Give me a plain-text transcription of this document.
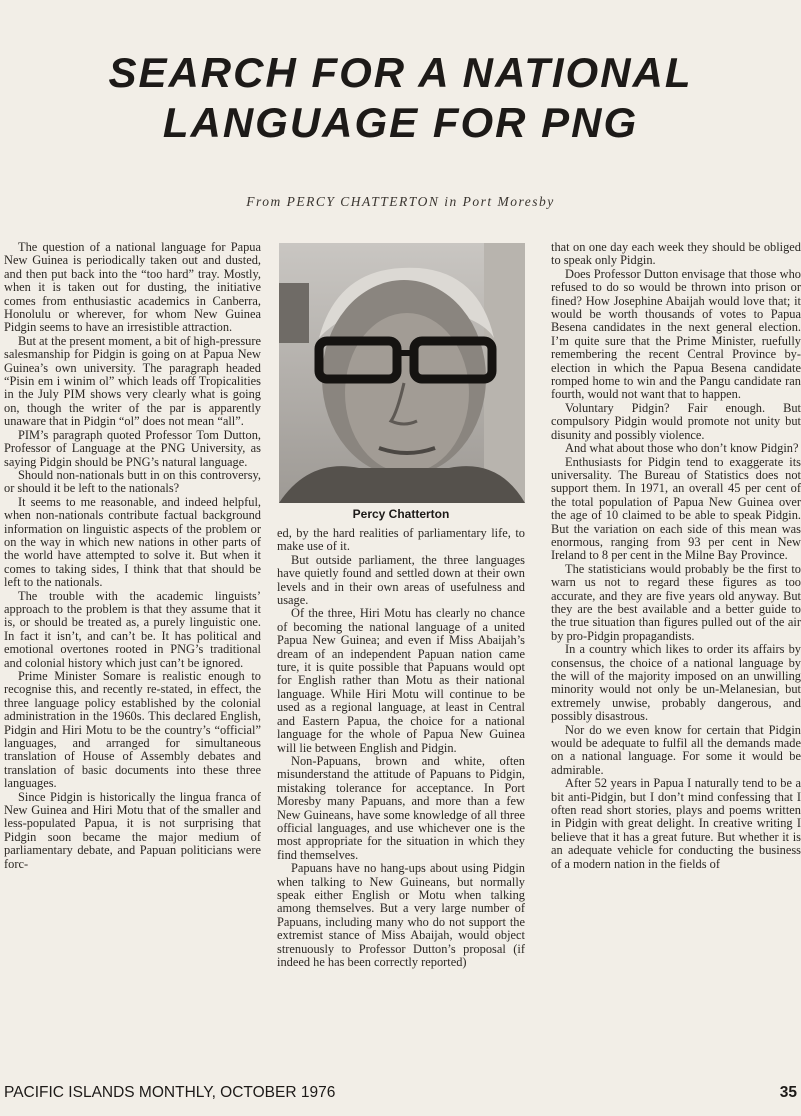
SEARCH FOR A NATIONAL
LANGUAGE FOR PNG
From PERCY CHATTERTON in Port Moresby

The question of a national language for Papua New Guinea is periodically taken out and dusted, and then put back into the “too hard” tray. Mostly, when it is taken out for dusting, the initiative comes from enthusiastic academics in Canberra, Honolulu or wherever, for whom New Guinea Pidgin seems to have an irresistible attraction.

But at the present moment, a bit of high-pressure salesmanship for Pidgin is going on at Papua New Guinea’s own university. The paragraph headed “Pisin em i winim ol” which leads off Tropicalities in the July PIM shows very clearly what is going on, though the writer of the par is apparently unaware that in Pidgin “ol” does not mean “all”.

PIM’s paragraph quoted Professor Tom Dutton, Professor of Language at the PNG University, as saying Pidgin should be PNG’s natural language.

Should non-nationals butt in on this controversy, or should it be left to the nationals?

It seems to me reasonable, and indeed helpful, when non-nationals contribute factual background information on linguistic aspects of the problem or on the way in which new nations in other parts of the world have attempted to solve it. But when it comes to taking sides, I think that that should be left to the nationals.

The trouble with the academic linguists’ approach to the problem is that they assume that it is, or should be treated as, a purely linguistic one. In fact it isn’t, and can’t be. It has political and emotional overtones rooted in PNG’s traditional and colonial history which just can’t be ignored.

Prime Minister Somare is realistic enough to recognise this, and recently re-stated, in effect, the three language policy established by the colonial administration in the 1960s. This declared English, Pidgin and Hiri Motu to be the country’s “official” languages, and arranged for simultaneous translation of House of Assembly debates and translation of basic documents into these three languages.

Since Pidgin is historically the lingua franca of New Guinea and Hiri Motu that of the smaller and less-populated Papua, it is not surprising that Pidgin soon became the major medium of parliamentary debate, and Papuan politicians were forc-

Percy Chatterton

ed, by the hard realities of parliamentary life, to make use of it.

But outside parliament, the three languages have quietly found and settled down at their own levels and in their own areas of usefulness and usage.

Of the three, Hiri Motu has clearly no chance of becoming the national language of a united Papua New Guinea; and even if Miss Abaijah’s dream of an independent Papuan nation came ture, it is quite possible that Papuans would opt for English rather than Motu as their national language. While Hiri Motu will continue to be used as a regional language, at least in Central and Eastern Papua, the choice for a national language for the whole of Papua New Guinea will lie between English and Pidgin.

Non-Papuans, brown and white, often misunderstand the attitude of Papuans to Pidgin, mistaking tolerance for acceptance. In Port Moresby many Papuans, and more than a few New Guineans, have some knowledge of all three official languages, and use whichever one is the most appropriate for the situation in which they find themselves.

Papuans have no hang-ups about using Pidgin when talking to New Guineans, but normally speak either English or Motu when talking among themselves. But a very large number of Papuans, including many who do not support the extremist stance of Miss Abaijah, would object strenuously to Professor Dutton’s proposal (if indeed he has been correctly reported)

that on one day each week they should be obliged to speak only Pidgin.

Does Professor Dutton envisage that those who refused to do so would be thrown into prison or fined? How Josephine Abaijah would love that; it would be worth thousands of votes to Papua Besena candidates in the next general election. I’m quite sure that the Prime Minister, ruefully remembering the recent Central Province by-election in which the Papua Besena candidate romped home to win and the Pangu candidate ran fourth, would not want that to happen.

Voluntary Pidgin? Fair enough. But compulsory Pidgin would promote not unity but disunity and possibly violence.

And what about those who don’t know Pidgin?

Enthusiasts for Pidgin tend to exaggerate its universality. The Bureau of Statistics does not support them. In 1971, an overall 45 per cent of the total population of Papua New Guinea over the age of 10 claimed to be able to speak Pidgin. But the variation on each side of this mean was enormous, ranging from 93 per cent in New Ireland to 8 per cent in the Milne Bay Province.

The statisticians would probably be the first to warn us not to regard these figures as too accurate, and they are five years old anyway. But they are the best available and a better guide to the true situation than figures pulled out of the air by pro-Pidgin propagandists.

In a country which likes to order its affairs by consensus, the choice of a national language by the will of the majority imposed on an unwilling minority would not only be un-Melanesian, but extremely unwise, probably dangerous, and possibly disastrous.

Nor do we even know for certain that Pidgin would be adequate to fulfil all the demands made on a national language. For some it would be admirable.

After 52 years in Papua I naturally tend to be a bit anti-Pidgin, but I don’t mind confessing that I often read short stories, plays and poems written in Pidgin with great delight. In creative writing I believe that it has a great future. But whether it is an adequate vehicle for conducting the business of a modern nation in the fields of

PACIFIC ISLANDS MONTHLY, OCTOBER 1976	35
